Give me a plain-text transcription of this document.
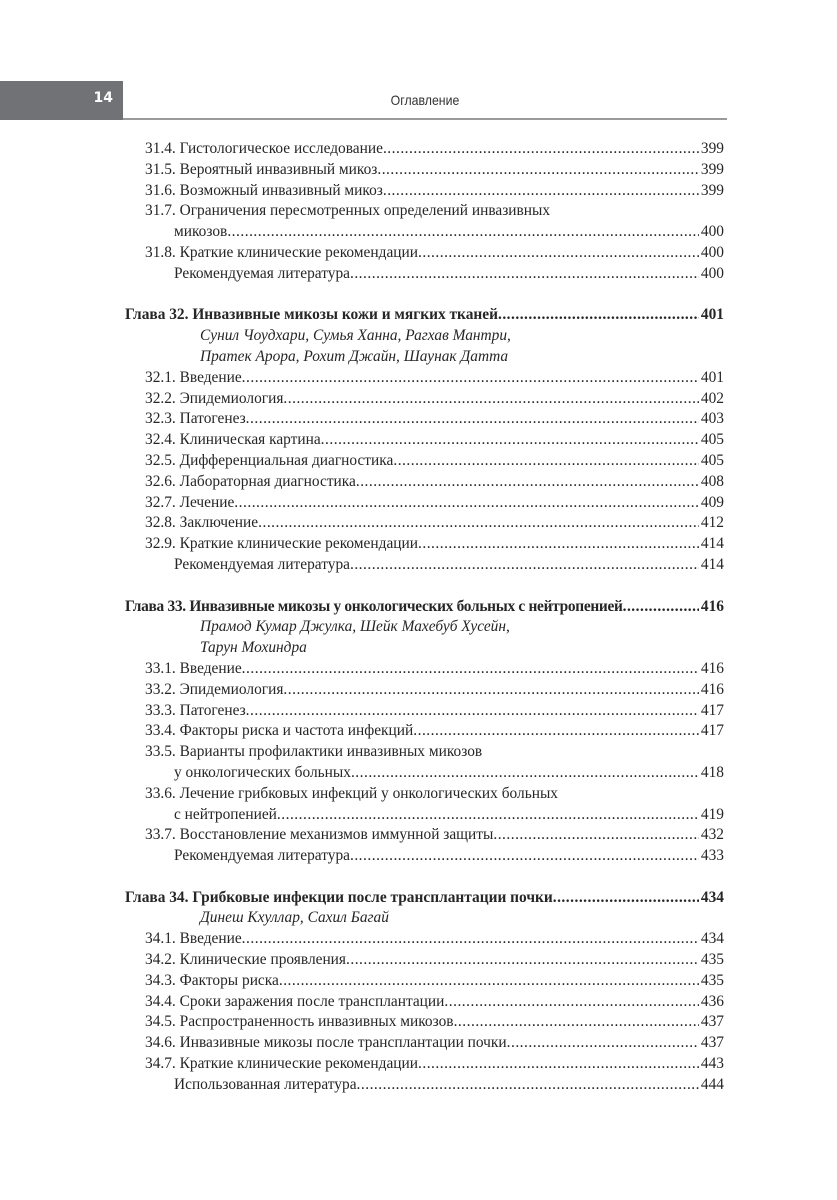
14	Оглавление
31.4. Гистологическое исследование .....	399
31.5. Вероятный инвазивный микоз .....	399
31.6. Возможный инвазивный микоз .....	399
31.7. Ограничения пересмотренных определений инвазивных
микозов .....	400
31.8. Краткие клинические рекомендации .....	400
Рекомендуемая литература .....	400
Глава 32. Инвазивные микозы кожи и мягких тканей .....	401
Сунил Чоудхари, Сумья Ханна, Рагхав Мантри,
Пратек Арора, Рохит Джайн, Шаунак Датта
32.1. Введение .....	401
32.2. Эпидемиология .....	402
32.3. Патогенез .....	403
32.4. Клиническая картина .....	405
32.5. Дифференциальная диагностика .....	405
32.6. Лабораторная диагностика .....	408
32.7. Лечение .....	409
32.8. Заключение .....	412
32.9. Краткие клинические рекомендации .....	414
Рекомендуемая литература .....	414
Глава 33. Инвазивные микозы у онкологических больных с нейтропенией .....	416
Прамод Кумар Джулка, Шейк Махебуб Хусейн,
Тарун Мохиндра
33.1. Введение .....	416
33.2. Эпидемиология .....	416
33.3. Патогенез .....	417
33.4. Факторы риска и частота инфекций .....	417
33.5. Варианты профилактики инвазивных микозов
у онкологических больных .....	418
33.6. Лечение грибковых инфекций у онкологических больных
с нейтропенией .....	419
33.7. Восстановление механизмов иммунной защиты .....	432
Рекомендуемая литература .....	433
Глава 34. Грибковые инфекции после трансплантации почки .....	434
Динеш Кхуллар, Сахил Багай
34.1. Введение .....	434
34.2. Клинические проявления .....	435
34.3. Факторы риска .....	435
34.4. Сроки заражения после трансплантации .....	436
34.5. Распространенность инвазивных микозов .....	437
34.6. Инвазивные микозы после трансплантации почки .....	437
34.7. Краткие клинические рекомендации .....	443
Использованная литература .....	444
